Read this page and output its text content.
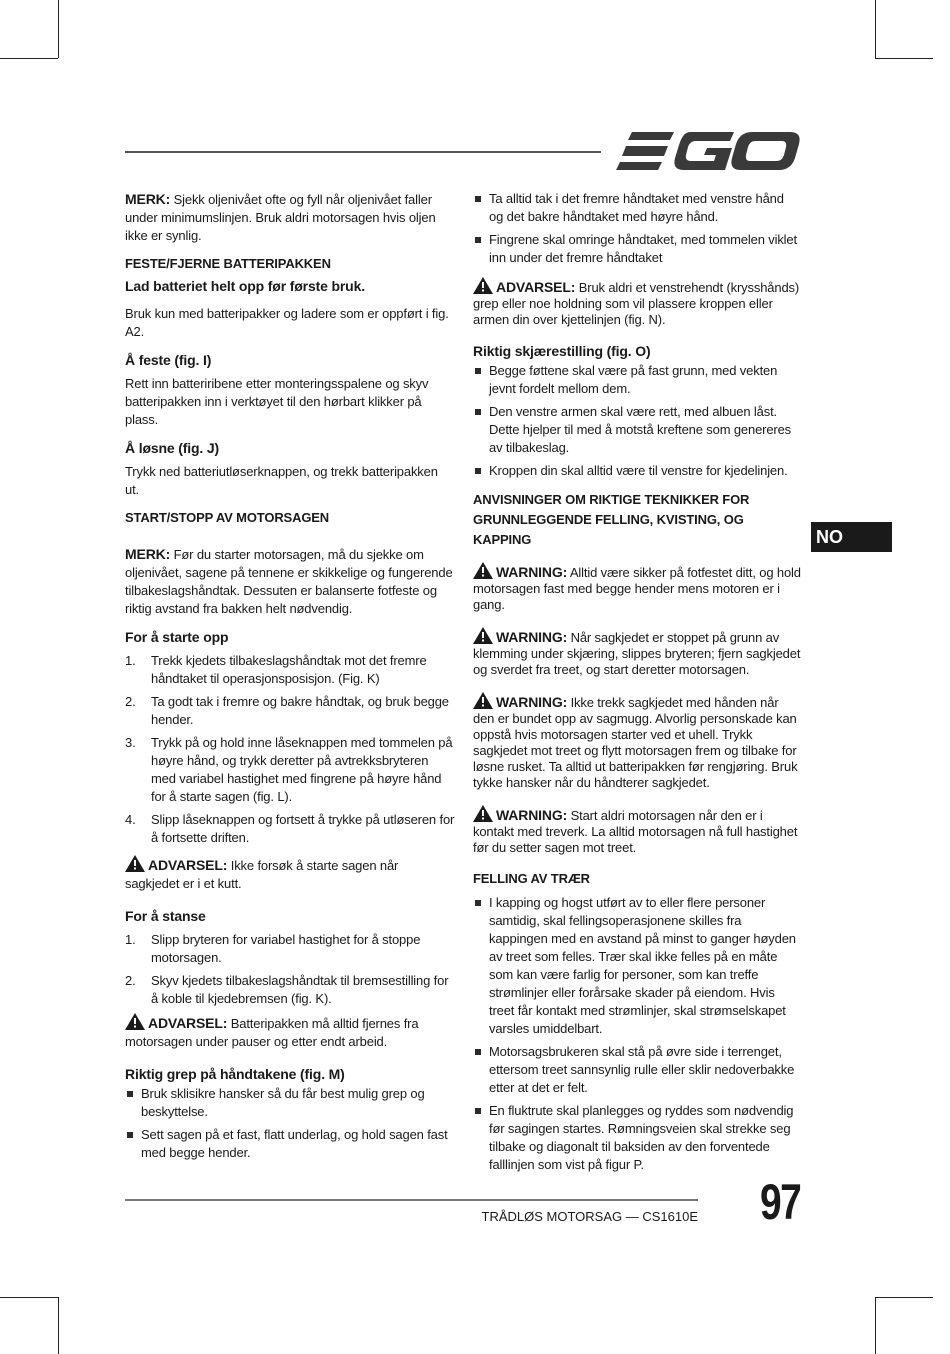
MERK: Sjekk oljenivået ofte og fyll når oljenivået faller under minimumslinjen. Bruk aldri motorsagen hvis oljen ikke er synlig.

FESTE/FJERNE BATTERIPAKKEN
Lad batteriet helt opp før første bruk.

Bruk kun med batteripakker og ladere som er oppført i fig. A2.

Å feste (fig. I)

Rett inn batteriribene etter monteringsspalene og skyv batteripakken inn i verktøyet til den hørbart klikker på plass.

Å løsne (fig. J)

Trykk ned batteriutløserknappen, og trekk batteripakken ut.

START/STOPP AV MOTORSAGEN

MERK: Før du starter motorsagen, må du sjekke om oljenivået, sagene på tennene er skikkelige og fungerende tilbakeslagshåndtak. Dessuten er balanserte fotfeste og riktig avstand fra bakken helt nødvendig.

For å starte opp
1. Trekk kjedets tilbakeslagshåndtak mot det fremre håndtaket til operasjonsposisjon. (Fig. K)
2. Ta godt tak i fremre og bakre håndtak, og bruk begge hender.
3. Trykk på og hold inne låseknappen med tommelen på høyre hånd, og trykk deretter på avtrekksbryteren med variabel hastighet med fingrene på høyre hånd for å starte sagen (fig. L).
4. Slipp låseknappen og fortsett å trykke på utløseren for å fortsette driften.

ADVARSEL: Ikke forsøk å starte sagen når sagkjedet er i et kutt.

For å stanse
1. Slipp bryteren for variabel hastighet for å stoppe motorsagen.
2. Skyv kjedets tilbakeslagshåndtak til bremsestilling for å koble til kjedebremsen (fig. K).

ADVARSEL: Batteripakken må alltid fjernes fra motorsagen under pauser og etter endt arbeid.

Riktig grep på håndtakene (fig. M)
Bruk sklisikre hansker så du får best mulig grep og beskyttelse.
Sett sagen på et fast, flatt underlag, og hold sagen fast med begge hender.
Ta alltid tak i det fremre håndtaket med venstre hånd og det bakre håndtaket med høyre hånd.
Fingrene skal omringe håndtaket, med tommelen viklet inn under det fremre håndtaket

ADVARSEL: Bruk aldri et venstrehendt (kryssһånds) grep eller noe holdning som vil plassere kroppen eller armen din over kjettelinjen (fig. N).

Riktig skjærestilling (fig. O)
Begge føttene skal være på fast grunn, med vekten jevnt fordelt mellom dem.
Den venstre armen skal være rett, med albuen låst. Dette hjelper til med å motstå kreftene som genereres av tilbakeslag.
Kroppen din skal alltid være til venstre for kjedelinjen.
ANVISNINGER OM RIKTIGE TEKNIKKER FOR GRUNNLEGGENDE FELLING, KVISTING, OG KAPPING

WARNING: Alltid være sikker på fotfestet ditt, og hold motorsagen fast med begge hender mens motoren er i gang.

WARNING: Når sagkjedet er stoppet på grunn av klemming under skjæring, slippes bryteren; fjern sagkjedet og sverdet fra treet, og start deretter motorsagen.

WARNING: Ikke trekk sagkjedet med hånden når den er bundet opp av sagmugg. Alvorlig personskade kan oppstå hvis motorsagen starter ved et uhell. Trykk sagkjedet mot treet og flytt motorsagen frem og tilbake for løsne rusket. Ta alltid ut batteripakken før rengjøring. Bruk tykke hansker når du håndterer sagkjedet.

WARNING: Start aldri motorsagen når den er i kontakt med treverk. La alltid motorsagen nå full hastighet før du setter sagen mot treet.

FELLING AV TRÆR
I kapping og hogst utført av to eller flere personer samtidig, skal fellingsoperasjonene skilles fra kappingen med en avstand på minst to ganger høyden av treet som felles. Trær skal ikke felles på en måte som kan være farlig for personer, som kan treffe strømlinjer eller forårsake skader på eiendom. Hvis treet får kontakt med strømlinjer, skal strømselskapet varsles umiddelbart.
Motorsagsbrukeren skal stå på øvre side i terrenget, ettersom treet sannsynlig rulle eller sklir nedoverbakke etter at det er felt.
En fluktrute skal planlegges og ryddes som nødvendig før sagingen startes. Rømningsveien skal strekke seg tilbake og diagonalt til baksiden av den forventede falllinjen som vist på figur P.
NO
TRÅDLØS MOTORSAG — CS1610E 97
